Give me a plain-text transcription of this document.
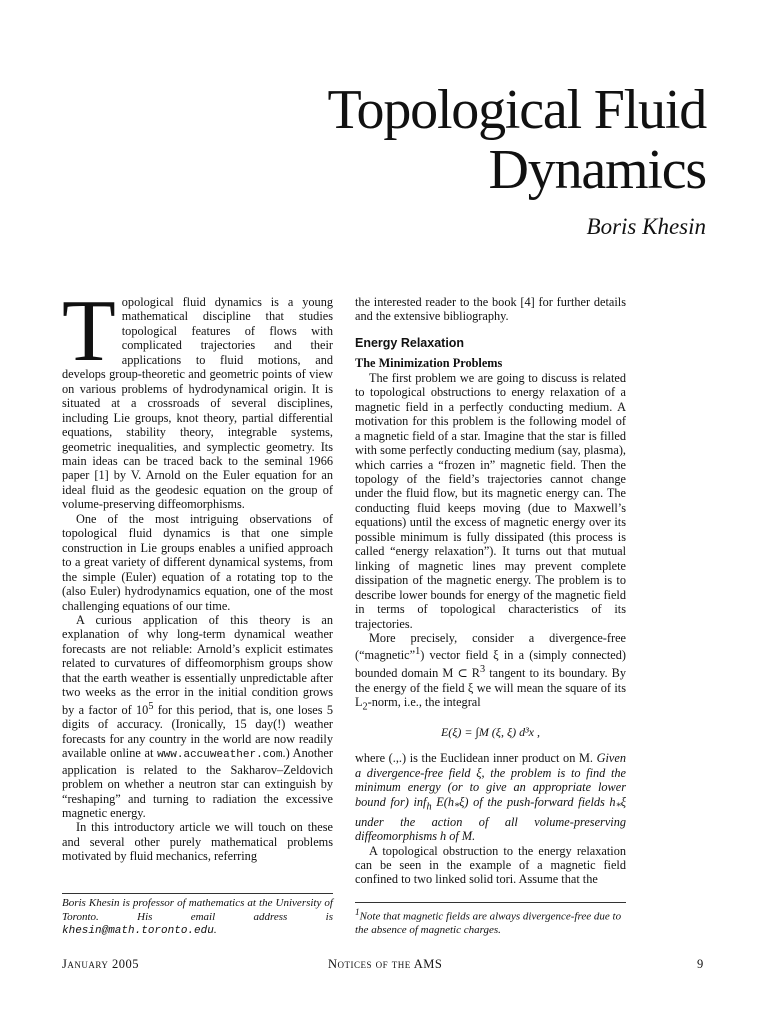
Topological Fluid
Dynamics
Boris Khesin

Topological fluid dynamics is a young mathematical discipline that studies topological features of flows with complicated trajectories and their applications to fluid motions, and develops group-theoretic and geometric points of view on various problems of hydrodynamical origin. It is situated at a crossroads of several disciplines, including Lie groups, knot theory, partial differential equations, stability theory, integrable systems, geometric inequalities, and symplectic geometry. Its main ideas can be traced back to the seminal 1966 paper [1] by V. Arnold on the Euler equation for an ideal fluid as the geodesic equation on the group of volume-preserving diffeomorphisms.

One of the most intriguing observations of topological fluid dynamics is that one simple construction in Lie groups enables a unified approach to a great variety of different dynamical systems, from the simple (Euler) equation of a rotating top to the (also Euler) hydrodynamics equation, one of the most challenging equations of our time.

A curious application of this theory is an explanation of why long-term dynamical weather forecasts are not reliable: Arnold’s explicit estimates related to curvatures of diffeomorphism groups show that the earth weather is essentially unpredictable after two weeks as the error in the initial condition grows by a factor of $10^5$ for this period, that is, one loses 5 digits of accuracy. (Ironically, 15 day(!) weather forecasts for any country in the world are now readily available online at www.accuweather.com.) Another application is related to the Sakharov–Zeldovich problem on whether a neutron star can extinguish by “reshaping” and turning to radiation the excessive magnetic energy.

In this introductory article we will touch on these and several other purely mathematical problems motivated by fluid mechanics, referring

the interested reader to the book [4] for further details and the extensive bibliography.

Energy Relaxation
The Minimization Problems

The first problem we are going to discuss is related to topological obstructions to energy relaxation of a magnetic field in a perfectly conducting medium. A motivation for this problem is the following model of a magnetic field of a star. Imagine that the star is filled with some perfectly conducting medium (say, plasma), which carries a “frozen in” magnetic field. Then the topology of the field’s trajectories cannot change under the fluid flow, but its magnetic energy can. The conducting fluid keeps moving (due to Maxwell’s equations) until the excess of magnetic energy over its possible minimum is fully dissipated (this process is called “energy relaxation”). It turns out that mutual linking of magnetic lines may prevent complete dissipation of the magnetic energy. The problem is to describe lower bounds for energy of the magnetic field in terms of topological characteristics of its trajectories.

More precisely, consider a divergence-free (“magnetic”$^1$) vector field ξ in a (simply connected) bounded domain M ⊂ $R^3$ tangent to its boundary. By the energy of the field ξ we will mean the square of its $L_2$-norm, i.e., the integral

E(ξ) = ∫M (ξ, ξ) d³x ,

where (.,.) is the Euclidean inner product on M. Given a divergence-free field ξ, the problem is to find the minimum energy (or to give an appropriate lower bound for) inf$_h$ $E(h_*\xi)$ of the push-forward fields $h_*\xi$ under the action of all volume-preserving diffeomorphisms h of M.

A topological obstruction to the energy relaxation can be seen in the example of a magnetic field confined to two linked solid tori. Assume that the

Boris Khesin is professor of mathematics at the University of Toronto. His email address is khesin@math.toronto.edu.
$^1$Note that magnetic fields are always divergence-free due to the absence of magnetic charges.
January 2005	Notices of the AMS	9
